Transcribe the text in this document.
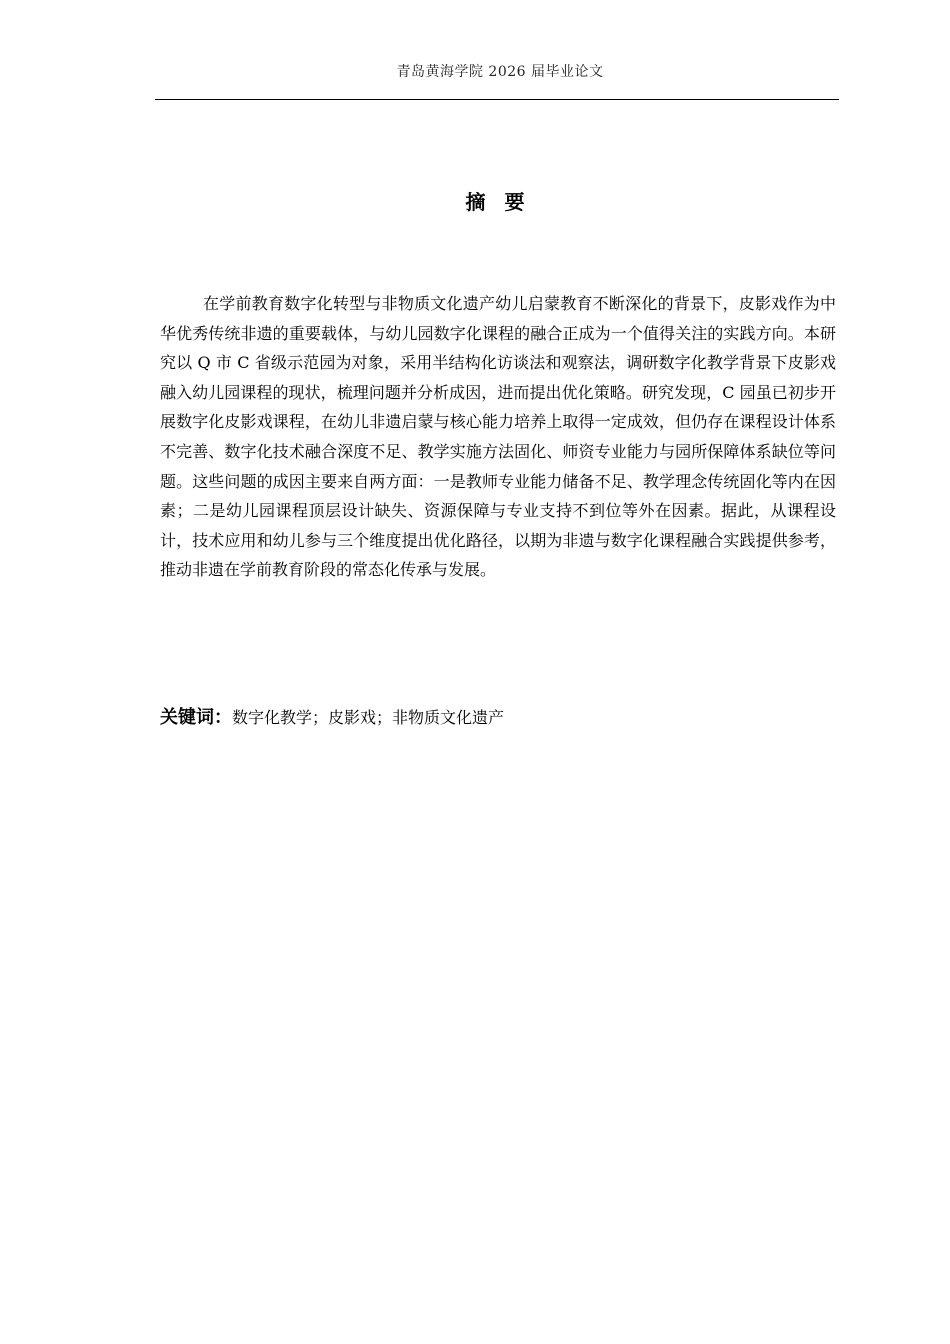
青岛黄海学院 2026 届毕业论文
摘 要

在学前教育数字化转型与非物质文化遗产幼儿启蒙教育不断深化的背景下，皮影戏作为中华优秀传统非遗的重要载体，与幼儿园数字化课程的融合正成为一个值得关注的实践方向。本研究以 Q 市 C 省级示范园为对象，采用半结构化访谈法和观察法，调研数字化教学背景下皮影戏融入幼儿园课程的现状，梳理问题并分析成因，进而提出优化策略。研究发现，C 园虽已初步开展数字化皮影戏课程，在幼儿非遗启蒙与核心能力培养上取得一定成效，但仍存在课程设计体系不完善、数字化技术融合深度不足、教学实施方法固化、师资专业能力与园所保障体系缺位等问题。这些问题的成因主要来自两方面：一是教师专业能力储备不足、教学理念传统固化等内在因素；二是幼儿园课程顶层设计缺失、资源保障与专业支持不到位等外在因素。据此，从课程设计，技术应用和幼儿参与三个维度提出优化路径，以期为非遗与数字化课程融合实践提供参考，推动非遗在学前教育阶段的常态化传承与发展。

关键词：数字化教学；皮影戏；非物质文化遗产
